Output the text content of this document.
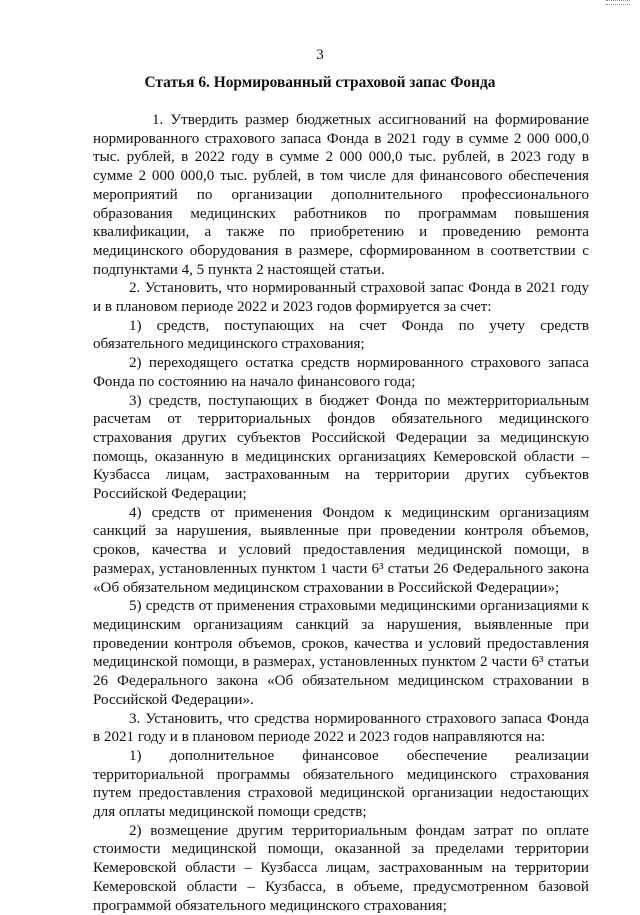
3
Статья 6. Нормированный страховой запас Фонда

1. Утвердить размер бюджетных ассигнований на формирование нормированного страхового запаса Фонда в 2021 году в сумме 2 000 000,0 тыс. рублей, в 2022 году в сумме 2 000 000,0 тыс. рублей, в 2023 году в сумме 2 000 000,0 тыс. рублей, в том числе для финансового обеспечения мероприятий по организации дополнительного профессионального образования медицинских работников по программам повышения квалификации, а также по приобретению и проведению ремонта медицинского оборудования в размере, сформированном в соответствии с подпунктами 4, 5 пункта 2 настоящей статьи.

2. Установить, что нормированный страховой запас Фонда в 2021 году и в плановом периоде 2022 и 2023 годов формируется за счет:

1) средств, поступающих на счет Фонда по учету средств обязательного медицинского страхования;

2) переходящего остатка средств нормированного страхового запаса Фонда по состоянию на начало финансового года;

3) средств, поступающих в бюджет Фонда по межтерриториальным расчетам от территориальных фондов обязательного медицинского страхования других субъектов Российской Федерации за медицинскую помощь, оказанную в медицинских организациях Кемеровской области – Кузбасса лицам, застрахованным на территории других субъектов Российской Федерации;

4) средств от применения Фондом к медицинским организациям санкций за нарушения, выявленные при проведении контроля объемов, сроков, качества и условий предоставления медицинской помощи, в размерах, установленных пунктом 1 части 6³ статьи 26 Федерального закона «Об обязательном медицинском страховании в Российской Федерации»;

5) средств от применения страховыми медицинскими организациями к медицинским организациям санкций за нарушения, выявленные при проведении контроля объемов, сроков, качества и условий предоставления медицинской помощи, в размерах, установленных пунктом 2 части 6³ статьи 26 Федерального закона «Об обязательном медицинском страховании в Российской Федерации».

3. Установить, что средства нормированного страхового запаса Фонда в 2021 году и в плановом периоде 2022 и 2023 годов направляются на:

1) дополнительное финансовое обеспечение реализации территориальной программы обязательного медицинского страхования путем предоставления страховой медицинской организации недостающих для оплаты медицинской помощи средств;

2) возмещение другим территориальным фондам затрат по оплате стоимости медицинской помощи, оказанной за пределами территории Кемеровской области – Кузбасса лицам, застрахованным на территории Кемеровской области – Кузбасса, в объеме, предусмотренном базовой программой обязательного медицинского страхования;
